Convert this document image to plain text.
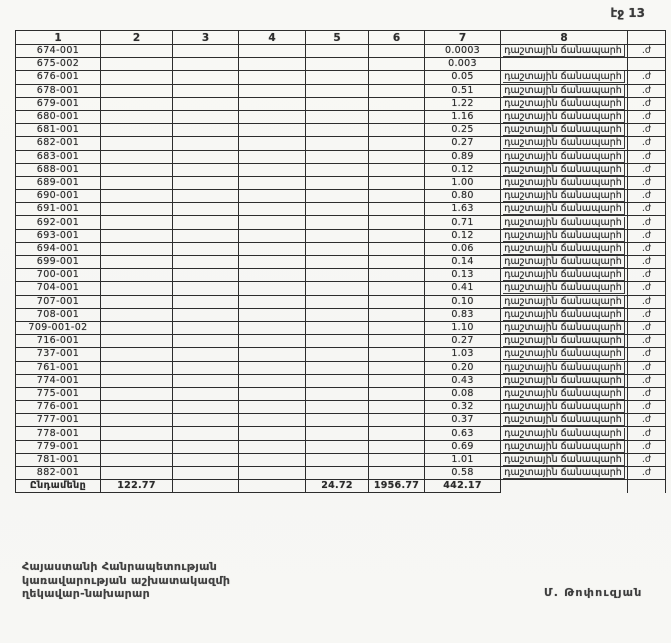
էջ 13
1	2	3	4	5	6	7	8	
674-001						0.0003	դաշտային ճանապարհ	.ժ
675-002						0.003		
676-001						0.05	դաշտային ճանապարհ	.ժ
678-001						0.51	դաշտային ճանապարհ	.ժ
679-001						1.22	դաշտային ճանապարհ	.ժ
680-001						1.16	դաշտային ճանապարհ	.ժ
681-001						0.25	դաշտային ճանապարհ	.ժ
682-001						0.27	դաշտային ճանապարհ	.ժ
683-001						0.89	դաշտային ճանապարհ	.ժ
688-001						0.12	դաշտային ճանապարհ	.ժ
689-001						1.00	դաշտային ճանապարհ	.ժ
690-001						0.80	դաշտային ճանապարհ	.ժ
691-001						1.63	դաշտային ճանապարհ	.ժ
692-001						0.71	դաշտային ճանապարհ	.ժ
693-001						0.12	դաշտային ճանապարհ	.ժ
694-001						0.06	դաշտային ճանապարհ	.ժ
699-001						0.14	դաշտային ճանապարհ	.ժ
700-001						0.13	դաշտային ճանապարհ	.ժ
704-001						0.41	դաշտային ճանապարհ	.ժ
707-001						0.10	դաշտային ճանապարհ	.ժ
708-001						0.83	դաշտային ճանապարհ	.ժ
709-001-02						1.10	դաշտային ճանապարհ	.ժ
716-001						0.27	դաշտային ճանապարհ	.ժ
737-001						1.03	դաշտային ճանապարհ	.ժ
761-001						0.20	դաշտային ճանապարհ	.ժ
774-001						0.43	դաշտային ճանապարհ	.ժ
775-001						0.08	դաշտային ճանապարհ	.ժ
776-001						0.32	դաշտային ճանապարհ	.ժ
777-001						0.37	դաշտային ճանապարհ	.ժ
778-001						0.63	դաշտային ճանապարհ	.ժ
779-001						0.69	դաշտային ճանապարհ	.ժ
781-001						1.01	դաշտային ճանապարհ	.ժ
882-001						0.58	դաշտային ճանապարհ	.ժ
Ընդամենը	122.77			24.72	1956.77	442.17		
Հայաստանի Հանրապետության
կառավարության աշխատակազմի
ղեկավար-նախարար	Մ. Թոփուզյան
